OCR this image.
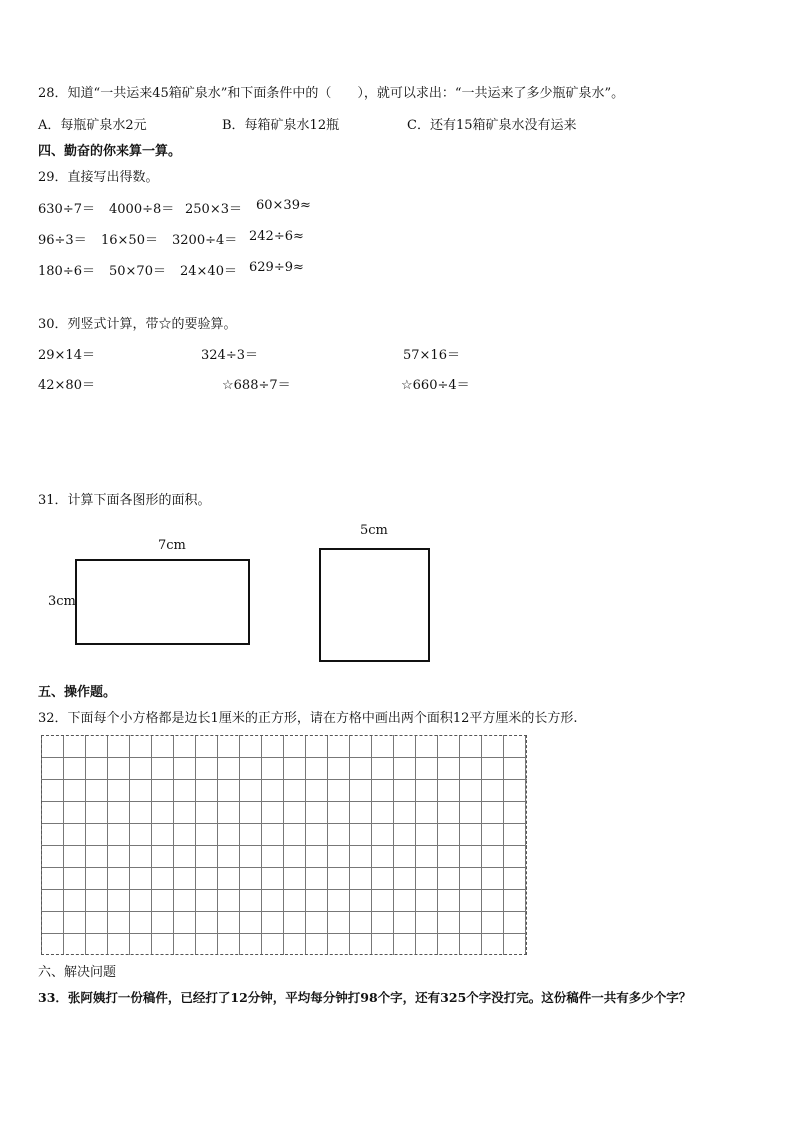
28．知道“一共运来45箱矿泉水”和下面条件中的（　　），就可以求出：“一共运来了多少瓶矿泉水”。
A．每瓶矿泉水2元	B．每箱矿泉水12瓶	C．还有15箱矿泉水没有运来
四、勤奋的你来算一算。
29．直接写出得数。
630÷7＝ 4000÷8＝ 250×3＝ 60×39≈
96÷3＝ 16×50＝ 3200÷4＝ 242÷6≈
180÷6＝ 50×70＝ 24×40＝ 629÷9≈
30．列竖式计算，带☆的要验算。
29×14＝	324÷3＝	57×16＝
42×80＝	☆688÷7＝	☆660÷4＝
31．计算下面各图形的面积。
7cm
3cm
5cm
五、操作题。
32．下面每个小方格都是边长1厘米的正方形，请在方格中画出两个面积12平方厘米的长方形.
六、解决问题
33．张阿姨打一份稿件，已经打了12分钟，平均每分钟打98个字，还有325个字没打完。这份稿件一共有多少个字？
